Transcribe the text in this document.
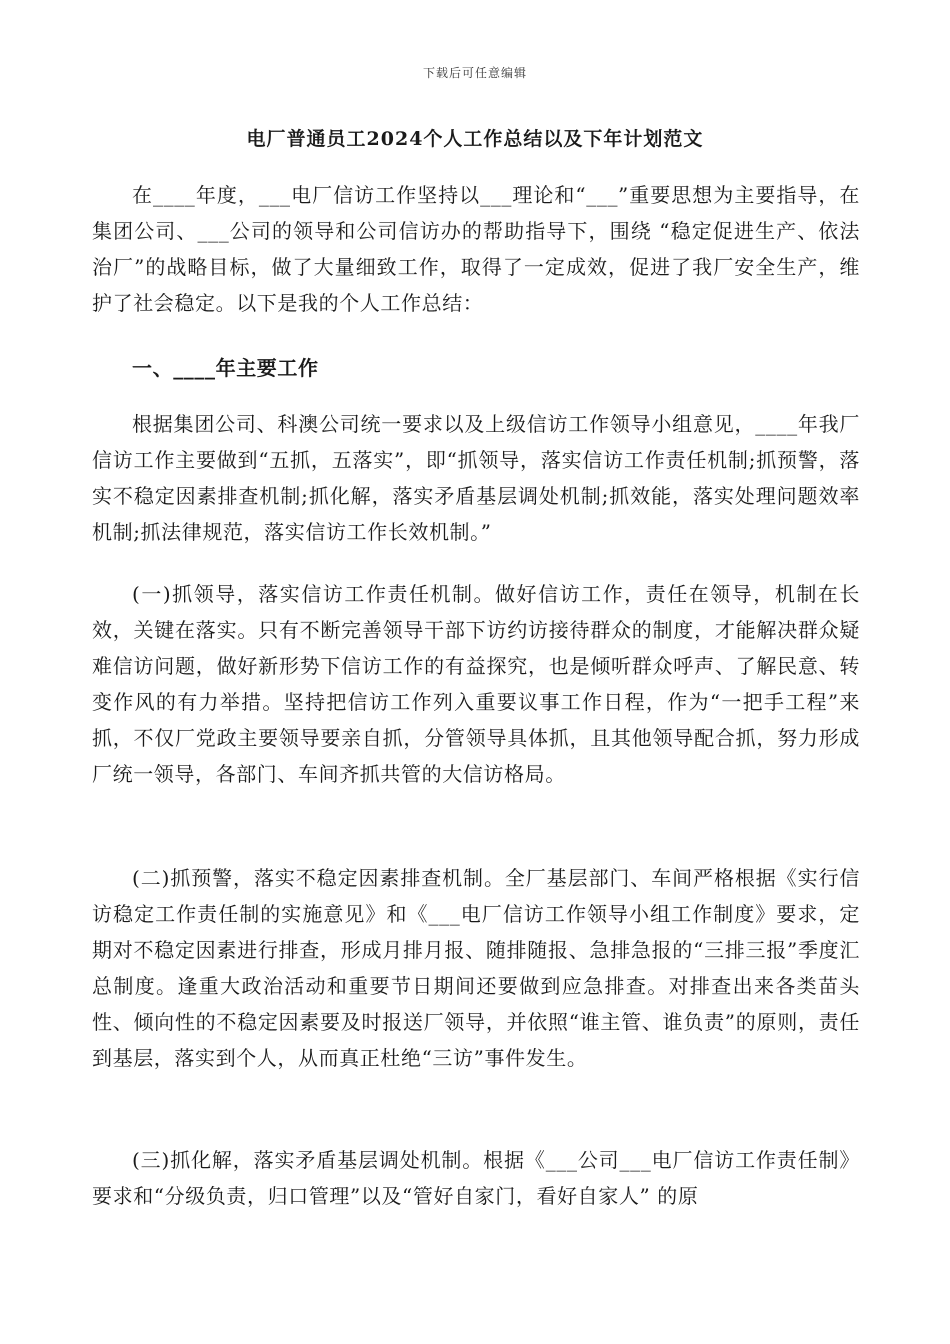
下载后可任意编辑
电厂普通员工2024个人工作总结以及下年计划范文

在____年度，___电厂信访工作坚持以___理论和“___”重要思想为主要指导，在集团公司、___公司的领导和公司信访办的帮助指导下，围绕 “稳定促进生产、依法治厂”的战略目标，做了大量细致工作，取得了一定成效，促进了我厂安全生产，维护了社会稳定。以下是我的个人工作总结：

一、____年主要工作

根据集团公司、科澳公司统一要求以及上级信访工作领导小组意见，____年我厂信访工作主要做到“五抓，五落实”，即“抓领导，落实信访工作责任机制;抓预警，落实不稳定因素排查机制;抓化解，落实矛盾基层调处机制;抓效能，落实处理问题效率机制;抓法律规范，落实信访工作长效机制。”

(一)抓领导，落实信访工作责任机制。做好信访工作，责任在领导，机制在长效，关键在落实。只有不断完善领导干部下访约访接待群众的制度，才能解决群众疑难信访问题，做好新形势下信访工作的有益探究，也是倾听群众呼声、了解民意、转变作风的有力举措。坚持把信访工作列入重要议事工作日程，作为“一把手工程”来抓，不仅厂党政主要领导要亲自抓，分管领导具体抓，且其他领导配合抓，努力形成厂统一领导，各部门、车间齐抓共管的大信访格局。

(二)抓预警，落实不稳定因素排查机制。全厂基层部门、车间严格根据《实行信访稳定工作责任制的实施意见》和《___电厂信访工作领导小组工作制度》要求，定期对不稳定因素进行排查，形成月排月报、随排随报、急排急报的“三排三报”季度汇总制度。逢重大政治活动和重要节日期间还要做到应急排查。对排查出来各类苗头性、倾向性的不稳定因素要及时报送厂领导，并依照“谁主管、谁负责”的原则，责任到基层，落实到个人，从而真正杜绝“三访”事件发生。

(三)抓化解，落实矛盾基层调处机制。根据《___公司___电厂信访工作责任制》要求和“分级负责，归口管理”以及“管好自家门，看好自家人” 的原
